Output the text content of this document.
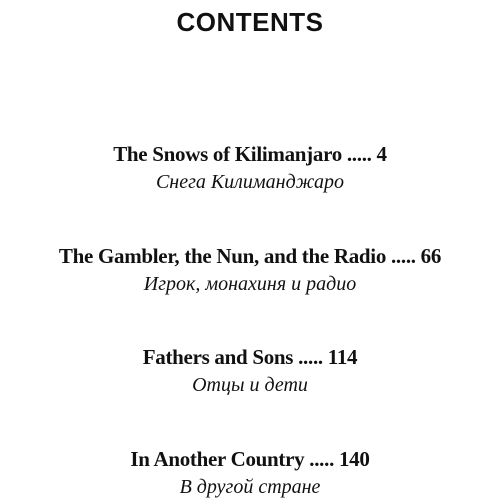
CONTENTS
The Snows of Kilimanjaro ..... 4
Снега Килиманджаро
The Gambler, the Nun, and the Radio ..... 66
Игрок, монахиня и радио
Fathers and Sons ..... 114
Отцы и дети
In Another Country ..... 140
В другой стране
